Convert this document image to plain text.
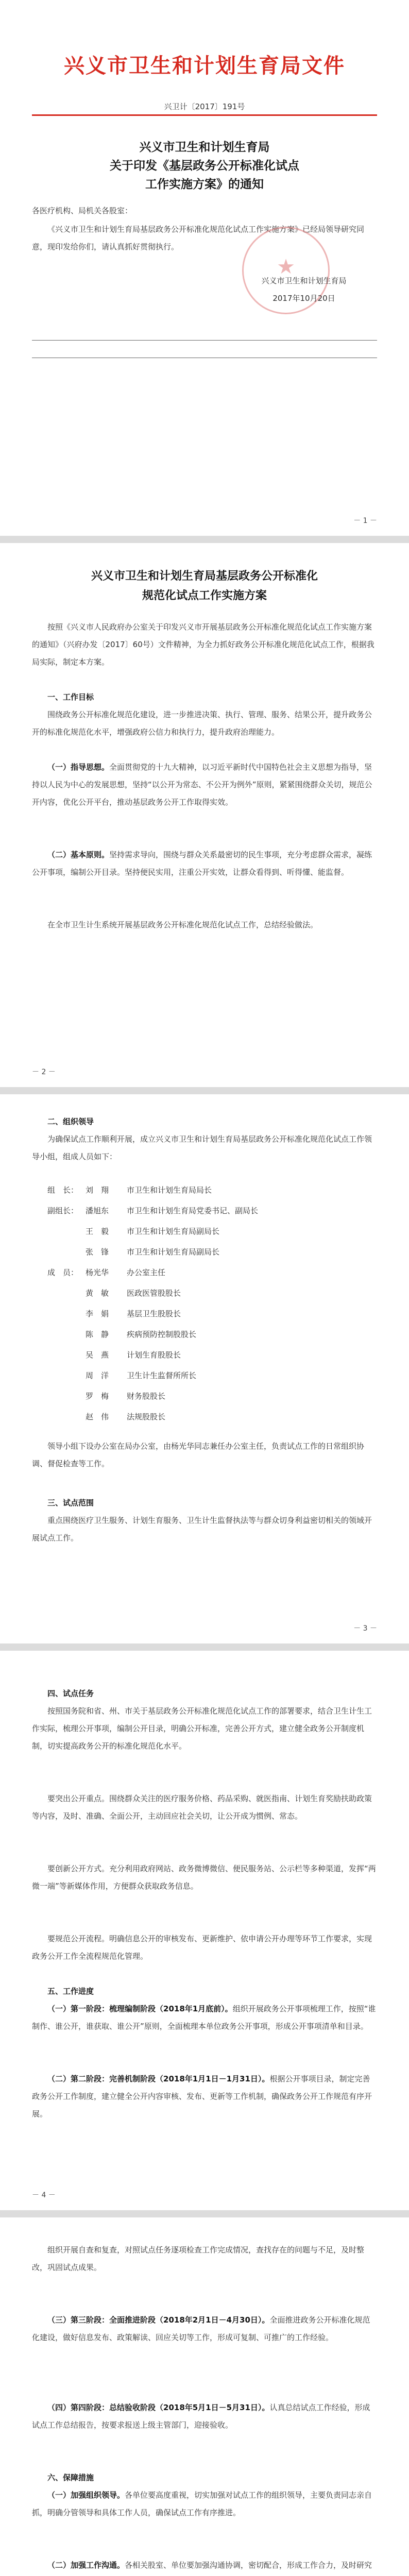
兴义市卫生和计划生育局文件
兴卫计〔2017〕191号
兴义市卫生和计划生育局
关于印发《基层政务公开标准化试点
工作实施方案》的通知
各医疗机构、局机关各股室：
《兴义市卫生和计划生育局基层政务公开标准化规范化试点工作实施方案》已经局领导研究同意，现印发给你们，请认真抓好贯彻执行。
★
兴义市卫生和计划生育局
2017年10月20日
－ 1 －
兴义市卫生和计划生育局基层政务公开标准化
规范化试点工作实施方案
按照《兴义市人民政府办公室关于印发兴义市开展基层政务公开标准化规范化试点工作实施方案的通知》（兴府办发〔2017〕60号）文件精神，为全力抓好政务公开标准化规范化试点工作，根据我局实际，制定本方案。
一、工作目标
围绕政务公开标准化规范化建设，进一步推进决策、执行、管理、服务、结果公开，提升政务公开的标准化规范化水平，增强政府公信力和执行力，提升政府治理能力。
（一）指导思想。全面贯彻党的十九大精神，以习近平新时代中国特色社会主义思想为指导，坚持以人民为中心的发展思想，坚持“以公开为常态、不公开为例外”原则，紧紧围绕群众关切，规范公开内容，优化公开平台，推动基层政务公开工作取得实效。
（二）基本原则。坚持需求导向，围绕与群众关系最密切的民生事项，充分考虑群众需求，凝练公开事项，编制公开目录。坚持便民实用，注重公开实效，让群众看得到、听得懂、能监督。
在全市卫生计生系统开展基层政务公开标准化规范化试点工作，总结经验做法。
－ 2 －
二、组织领导
为确保试点工作顺利开展，成立兴义市卫生和计划生育局基层政务公开标准化规范化试点工作领导小组，组成人员如下：
组　长： 刘　翔 市卫生和计划生育局局长
副组长： 潘旭东 市卫生和计划生育局党委书记、副局长
王　毅 市卫生和计划生育局副局长
张　锋 市卫生和计划生育局副局长
成　员： 杨光华 办公室主任
黄　敏 医政医管股股长
李　娟 基层卫生股股长
陈　静 疾病预防控制股股长
吴　燕 计划生育股股长
周　洋 卫生计生监督所所长
罗　梅 财务股股长
赵　伟 法规股股长
领导小组下设办公室在局办公室，由杨光华同志兼任办公室主任，负责试点工作的日常组织协调、督促检查等工作。
三、试点范围
重点围绕医疗卫生服务、计划生育服务、卫生计生监督执法等与群众切身利益密切相关的领域开展试点工作。
－ 3 －
四、试点任务
按照国务院和省、州、市关于基层政务公开标准化规范化试点工作的部署要求，结合卫生计生工作实际，梳理公开事项，编制公开目录，明确公开标准，完善公开方式，建立健全政务公开制度机制，切实提高政务公开的标准化规范化水平。
要突出公开重点。围绕群众关注的医疗服务价格、药品采购、就医指南、计划生育奖励扶助政策等内容，及时、准确、全面公开，主动回应社会关切，让公开成为惯例、常态。
要创新公开方式。充分利用政府网站、政务微博微信、便民服务站、公示栏等多种渠道，发挥“两微一端”等新媒体作用，方便群众获取政务信息。
要规范公开流程。明确信息公开的审核发布、更新维护、依申请公开办理等环节工作要求，实现政务公开工作全流程规范化管理。
五、工作进度
（一）第一阶段：梳理编制阶段（2018年1月底前）。组织开展政务公开事项梳理工作，按照“谁制作、谁公开，谁获取、谁公开”原则，全面梳理本单位政务公开事项，形成公开事项清单和目录。
（二）第二阶段：完善机制阶段（2018年1月1日－1月31日）。根据公开事项目录，制定完善政务公开工作制度，建立健全公开内容审核、发布、更新等工作机制，确保政务公开工作规范有序开展。
－ 4 －
组织开展自查和复查，对照试点任务逐项检查工作完成情况，查找存在的问题与不足，及时整改，巩固试点成果。
（三）第三阶段：全面推进阶段（2018年2月1日－4月30日）。全面推进政务公开标准化规范化建设，做好信息发布、政策解读、回应关切等工作，形成可复制、可推广的工作经验。
（四）第四阶段：总结验收阶段（2018年5月1日－5月31日）。认真总结试点工作经验，形成试点工作总结报告，按要求报送上级主管部门，迎接验收。
六、保障措施
（一）加强组织领导。各单位要高度重视，切实加强对试点工作的组织领导，主要负责同志亲自抓，明确分管领导和具体工作人员，确保试点工作有序推进。
（二）加强工作沟通。各相关股室、单位要加强沟通协调，密切配合，形成工作合力，及时研究
